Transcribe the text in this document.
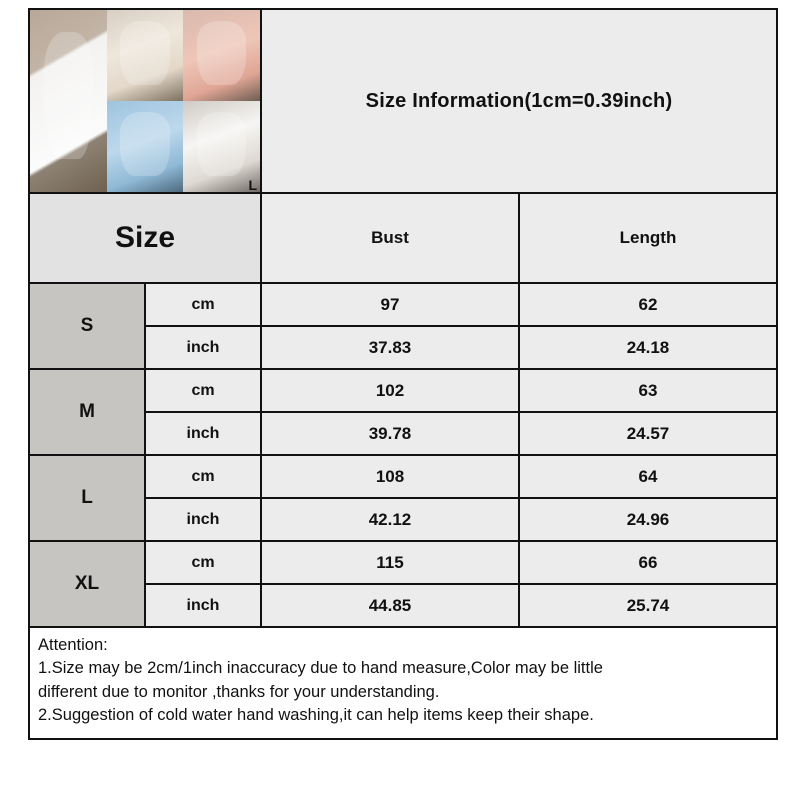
L		Size Information(1cm=0.39inch)	
Size		Bust	Length
S	cm	97	62
	inch	37.83	24.18
M	cm	102	63
	inch	39.78	24.57
L	cm	108	64
	inch	42.12	24.96
XL	cm	115	66
	inch	44.85	25.74
Attention:
1.Size may be 2cm/1inch inaccuracy due to hand measure,Color may be little
different due to monitor ,thanks for your understanding.
2.Suggestion of cold water hand washing,it can help items keep their shape.
